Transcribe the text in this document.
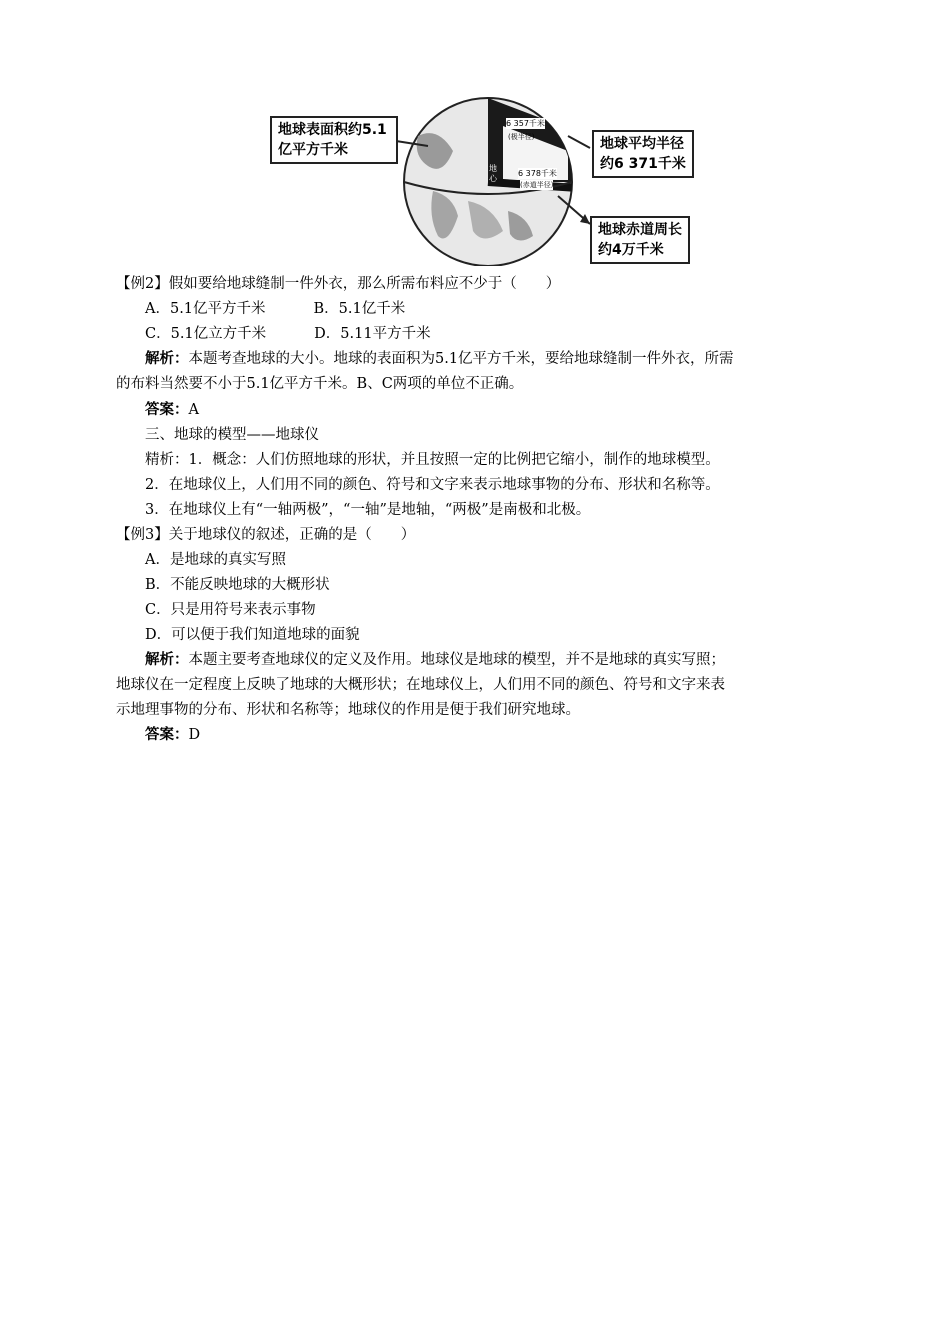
地球表面积约5.1
亿平方千米	地球平均半径
约6 371千米
地球赤道周长
约4万千米
6 357千米
(极半径)
地心
6 378千米
(赤道半径)
【例2】假如要给地球缝制一件外衣，那么所需布料应不少于（　　）
A．5.1亿平方千米	B．5.1亿千米
C．5.1亿立方千米	D．5.11平方千米
解析：本题考查地球的大小。地球的表面积为5.1亿平方千米，要给地球缝制一件外衣，所需
的布料当然要不小于5.1亿平方千米。B、C两项的单位不正确。
答案：A
三、地球的模型——地球仪
精析：1．概念：人们仿照地球的形状，并且按照一定的比例把它缩小，制作的地球模型。
2．在地球仪上，人们用不同的颜色、符号和文字来表示地球事物的分布、形状和名称等。
3．在地球仪上有“一轴两极”，“一轴”是地轴，“两极”是南极和北极。
【例3】关于地球仪的叙述，正确的是（　　）
A．是地球的真实写照
B．不能反映地球的大概形状
C．只是用符号来表示事物
D．可以便于我们知道地球的面貌
解析：本题主要考查地球仪的定义及作用。地球仪是地球的模型，并不是地球的真实写照；
地球仪在一定程度上反映了地球的大概形状；在地球仪上，人们用不同的颜色、符号和文字来表
示地理事物的分布、形状和名称等；地球仪的作用是便于我们研究地球。
答案：D
